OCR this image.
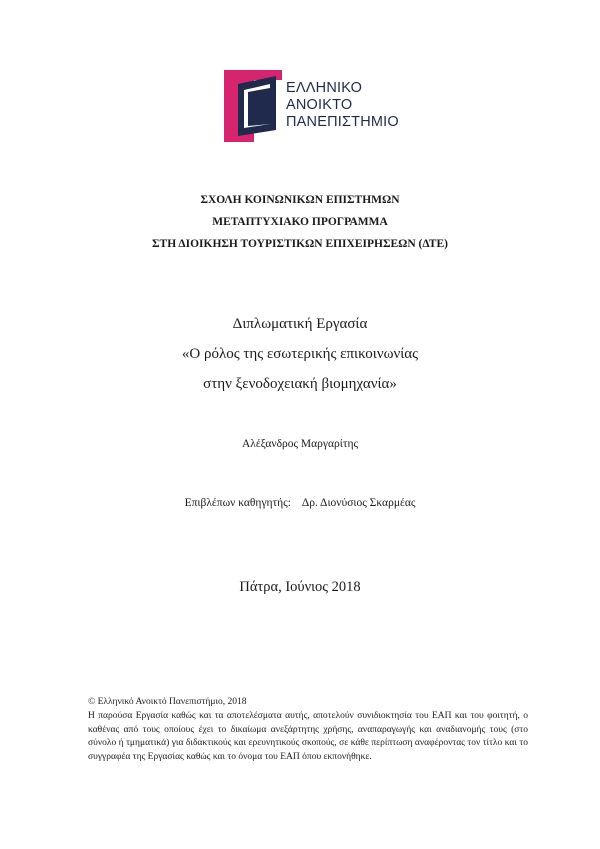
ΕΛΛΗΝΙΚΟ
ΑΝΟΙΚΤΟ
ΠΑΝΕΠΙΣΤΗΜΙΟ
ΣΧΟΛΗ ΚΟΙΝΩΝΙΚΩΝ ΕΠΙΣΤΗΜΩΝ
ΜΕΤΑΠΤΥΧΙΑΚΟ ΠΡΟΓΡΑΜΜΑ
ΣΤΗ ΔΙΟΙΚΗΣΗ ΤΟΥΡΙΣΤΙΚΩΝ ΕΠΙΧΕΙΡΗΣΕΩΝ (ΔΤΕ)
Διπλωματική Εργασία
«Ο ρόλος της εσωτερικής επικοινωνίας
στην ξενοδοχειακή βιομηχανία»
Αλέξανδρος Μαργαρίτης
Επιβλέπων καθηγητής: Δρ. Διονύσιος Σκαρμέας
Πάτρα, Ιούνιος 2018
© Ελληνικό Ανοικτό Πανεπιστήμιο, 2018
Η παρούσα Εργασία καθώς και τα αποτελέσματα αυτής, αποτελούν συνιδιοκτησία του ΕΑΠ και του φοιτητή, ο καθένας από τους οποίους έχει το δικαίωμα ανεξάρτητης χρήσης, αναπαραγωγής και αναδιανομής τους (στο σύνολο ή τμηματικά) για διδακτικούς και ερευνητικούς σκοπούς, σε κάθε περίπτωση αναφέροντας τον τίτλο και το συγγραφέα της Εργασίας καθώς και το όνομα του ΕΑΠ όπου εκπονήθηκε.
